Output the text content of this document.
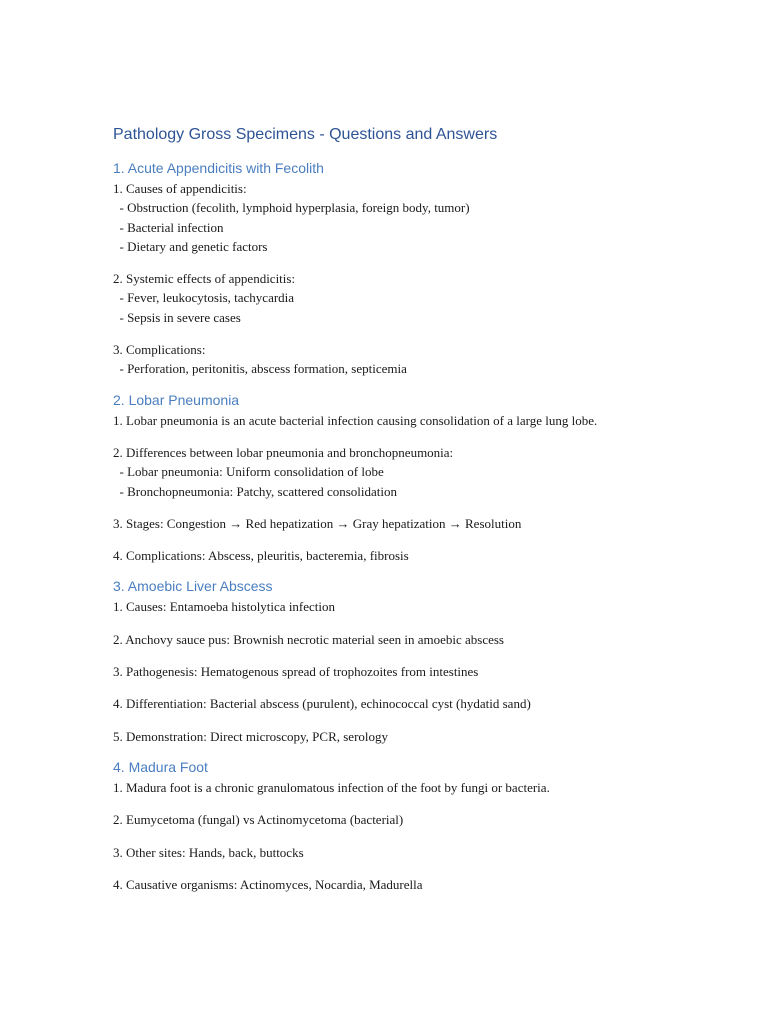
Pathology Gross Specimens - Questions and Answers
1. Acute Appendicitis with Fecolith
1. Causes of appendicitis:
- Obstruction (fecolith, lymphoid hyperplasia, foreign body, tumor)
- Bacterial infection
- Dietary and genetic factors
2. Systemic effects of appendicitis:
- Fever, leukocytosis, tachycardia
- Sepsis in severe cases
3. Complications:
- Perforation, peritonitis, abscess formation, septicemia
2. Lobar Pneumonia
1. Lobar pneumonia is an acute bacterial infection causing consolidation of a large lung lobe.
2. Differences between lobar pneumonia and bronchopneumonia:
- Lobar pneumonia: Uniform consolidation of lobe
- Bronchopneumonia: Patchy, scattered consolidation
3. Stages: Congestion → Red hepatization → Gray hepatization → Resolution
4. Complications: Abscess, pleuritis, bacteremia, fibrosis
3. Amoebic Liver Abscess
1. Causes: Entamoeba histolytica infection
2. Anchovy sauce pus: Brownish necrotic material seen in amoebic abscess
3. Pathogenesis: Hematogenous spread of trophozoites from intestines
4. Differentiation: Bacterial abscess (purulent), echinococcal cyst (hydatid sand)
5. Demonstration: Direct microscopy, PCR, serology
4. Madura Foot
1. Madura foot is a chronic granulomatous infection of the foot by fungi or bacteria.
2. Eumycetoma (fungal) vs Actinomycetoma (bacterial)
3. Other sites: Hands, back, buttocks
4. Causative organisms: Actinomyces, Nocardia, Madurella
